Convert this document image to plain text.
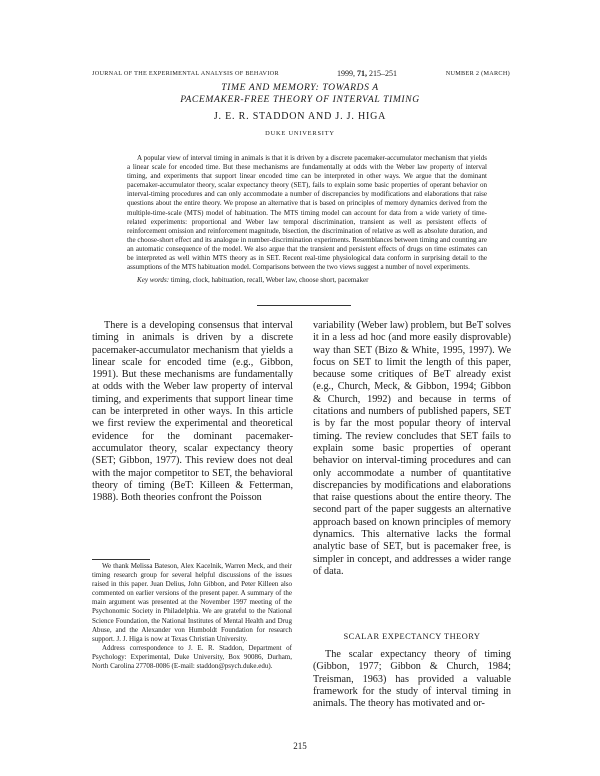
JOURNAL OF THE EXPERIMENTAL ANALYSIS OF BEHAVIOR	1999, 71, 215–251	NUMBER 2 (MARCH)
TIME AND MEMORY: TOWARDS A
PACEMAKER-FREE THEORY OF INTERVAL TIMING
J. E. R. STADDON AND J. J. HIGA
DUKE UNIVERSITY

A popular view of interval timing in animals is that it is driven by a discrete pacemaker-accumulator mechanism that yields a linear scale for encoded time. But these mechanisms are fundamentally at odds with the Weber law property of interval timing, and experiments that support linear encoded time can be interpreted in other ways. We argue that the dominant pacemaker-accumulator theory, scalar expectancy theory (SET), fails to explain some basic properties of operant behavior on interval-timing procedures and can only accommodate a number of discrepancies by modifications and elaborations that raise questions about the entire theory. We propose an alternative that is based on principles of memory dynamics derived from the multiple-time-scale (MTS) model of habituation. The MTS timing model can account for data from a wide variety of time-related experiments: proportional and Weber law temporal discrimination, transient as well as persistent effects of reinforcement omission and reinforcement magnitude, bisection, the discrimination of relative as well as absolute duration, and the choose-short effect and its analogue in number-discrimination experiments. Resemblances between timing and counting are an automatic consequence of the model. We also argue that the transient and persistent effects of drugs on time estimates can be interpreted as well within MTS theory as in SET. Recent real-time physiological data conform in surprising detail to the assumptions of the MTS habituation model. Comparisons between the two views suggest a number of novel experiments.

Key words: timing, clock, habituation, recall, Weber law, choose short, pacemaker

There is a developing consensus that interval timing in animals is driven by a discrete pacemaker-accumulator mechanism that yields a linear scale for encoded time (e.g., Gibbon, 1991). But these mechanisms are fundamentally at odds with the Weber law property of interval timing, and experiments that support linear time can be interpreted in other ways. In this article we first review the experimental and theoretical evidence for the dominant pacemaker-accumulator theory, scalar expectancy theory (SET; Gibbon, 1977). This review does not deal with the major competitor to SET, the behavioral theory of timing (BeT: Killeen & Fetterman, 1988). Both theories confront the Poisson

variability (Weber law) problem, but BeT solves it in a less ad hoc (and more easily disprovable) way than SET (Bizo & White, 1995, 1997). We focus on SET to limit the length of this paper, because some critiques of BeT already exist (e.g., Church, Meck, & Gibbon, 1994; Gibbon & Church, 1992) and because in terms of citations and numbers of published papers, SET is by far the most popular theory of interval timing. The review concludes that SET fails to explain some basic properties of operant behavior on interval-timing procedures and can only accommodate a number of quantitative discrepancies by modifications and elaborations that raise questions about the entire theory. The second part of the paper suggests an alternative approach based on known principles of memory dynamics. This alternative lacks the formal analytic base of SET, but is pacemaker free, is simpler in concept, and addresses a wider range of data.

We thank Melissa Bateson, Alex Kacelnik, Warren Meck, and their timing research group for several helpful discussions of the issues raised in this paper. Juan Delius, John Gibbon, and Peter Killeen also commented on earlier versions of the present paper. A summary of the main argument was presented at the November 1997 meeting of the Psychonomic Society in Philadelphia. We are grateful to the National Science Foundation, the National Institutes of Mental Health and Drug Abuse, and the Alexander von Humboldt Foundation for research support. J. J. Higa is now at Texas Christian University.

Address correspondence to J. E. R. Staddon, Department of Psychology: Experimental, Duke University, Box 90086, Durham, North Carolina 27708-0086 (E-mail: staddon@psych.duke.edu).

SCALAR EXPECTANCY THEORY

The scalar expectancy theory of timing (Gibbon, 1977; Gibbon & Church, 1984; Treisman, 1963) has provided a valuable framework for the study of interval timing in animals. The theory has motivated and or-

215
